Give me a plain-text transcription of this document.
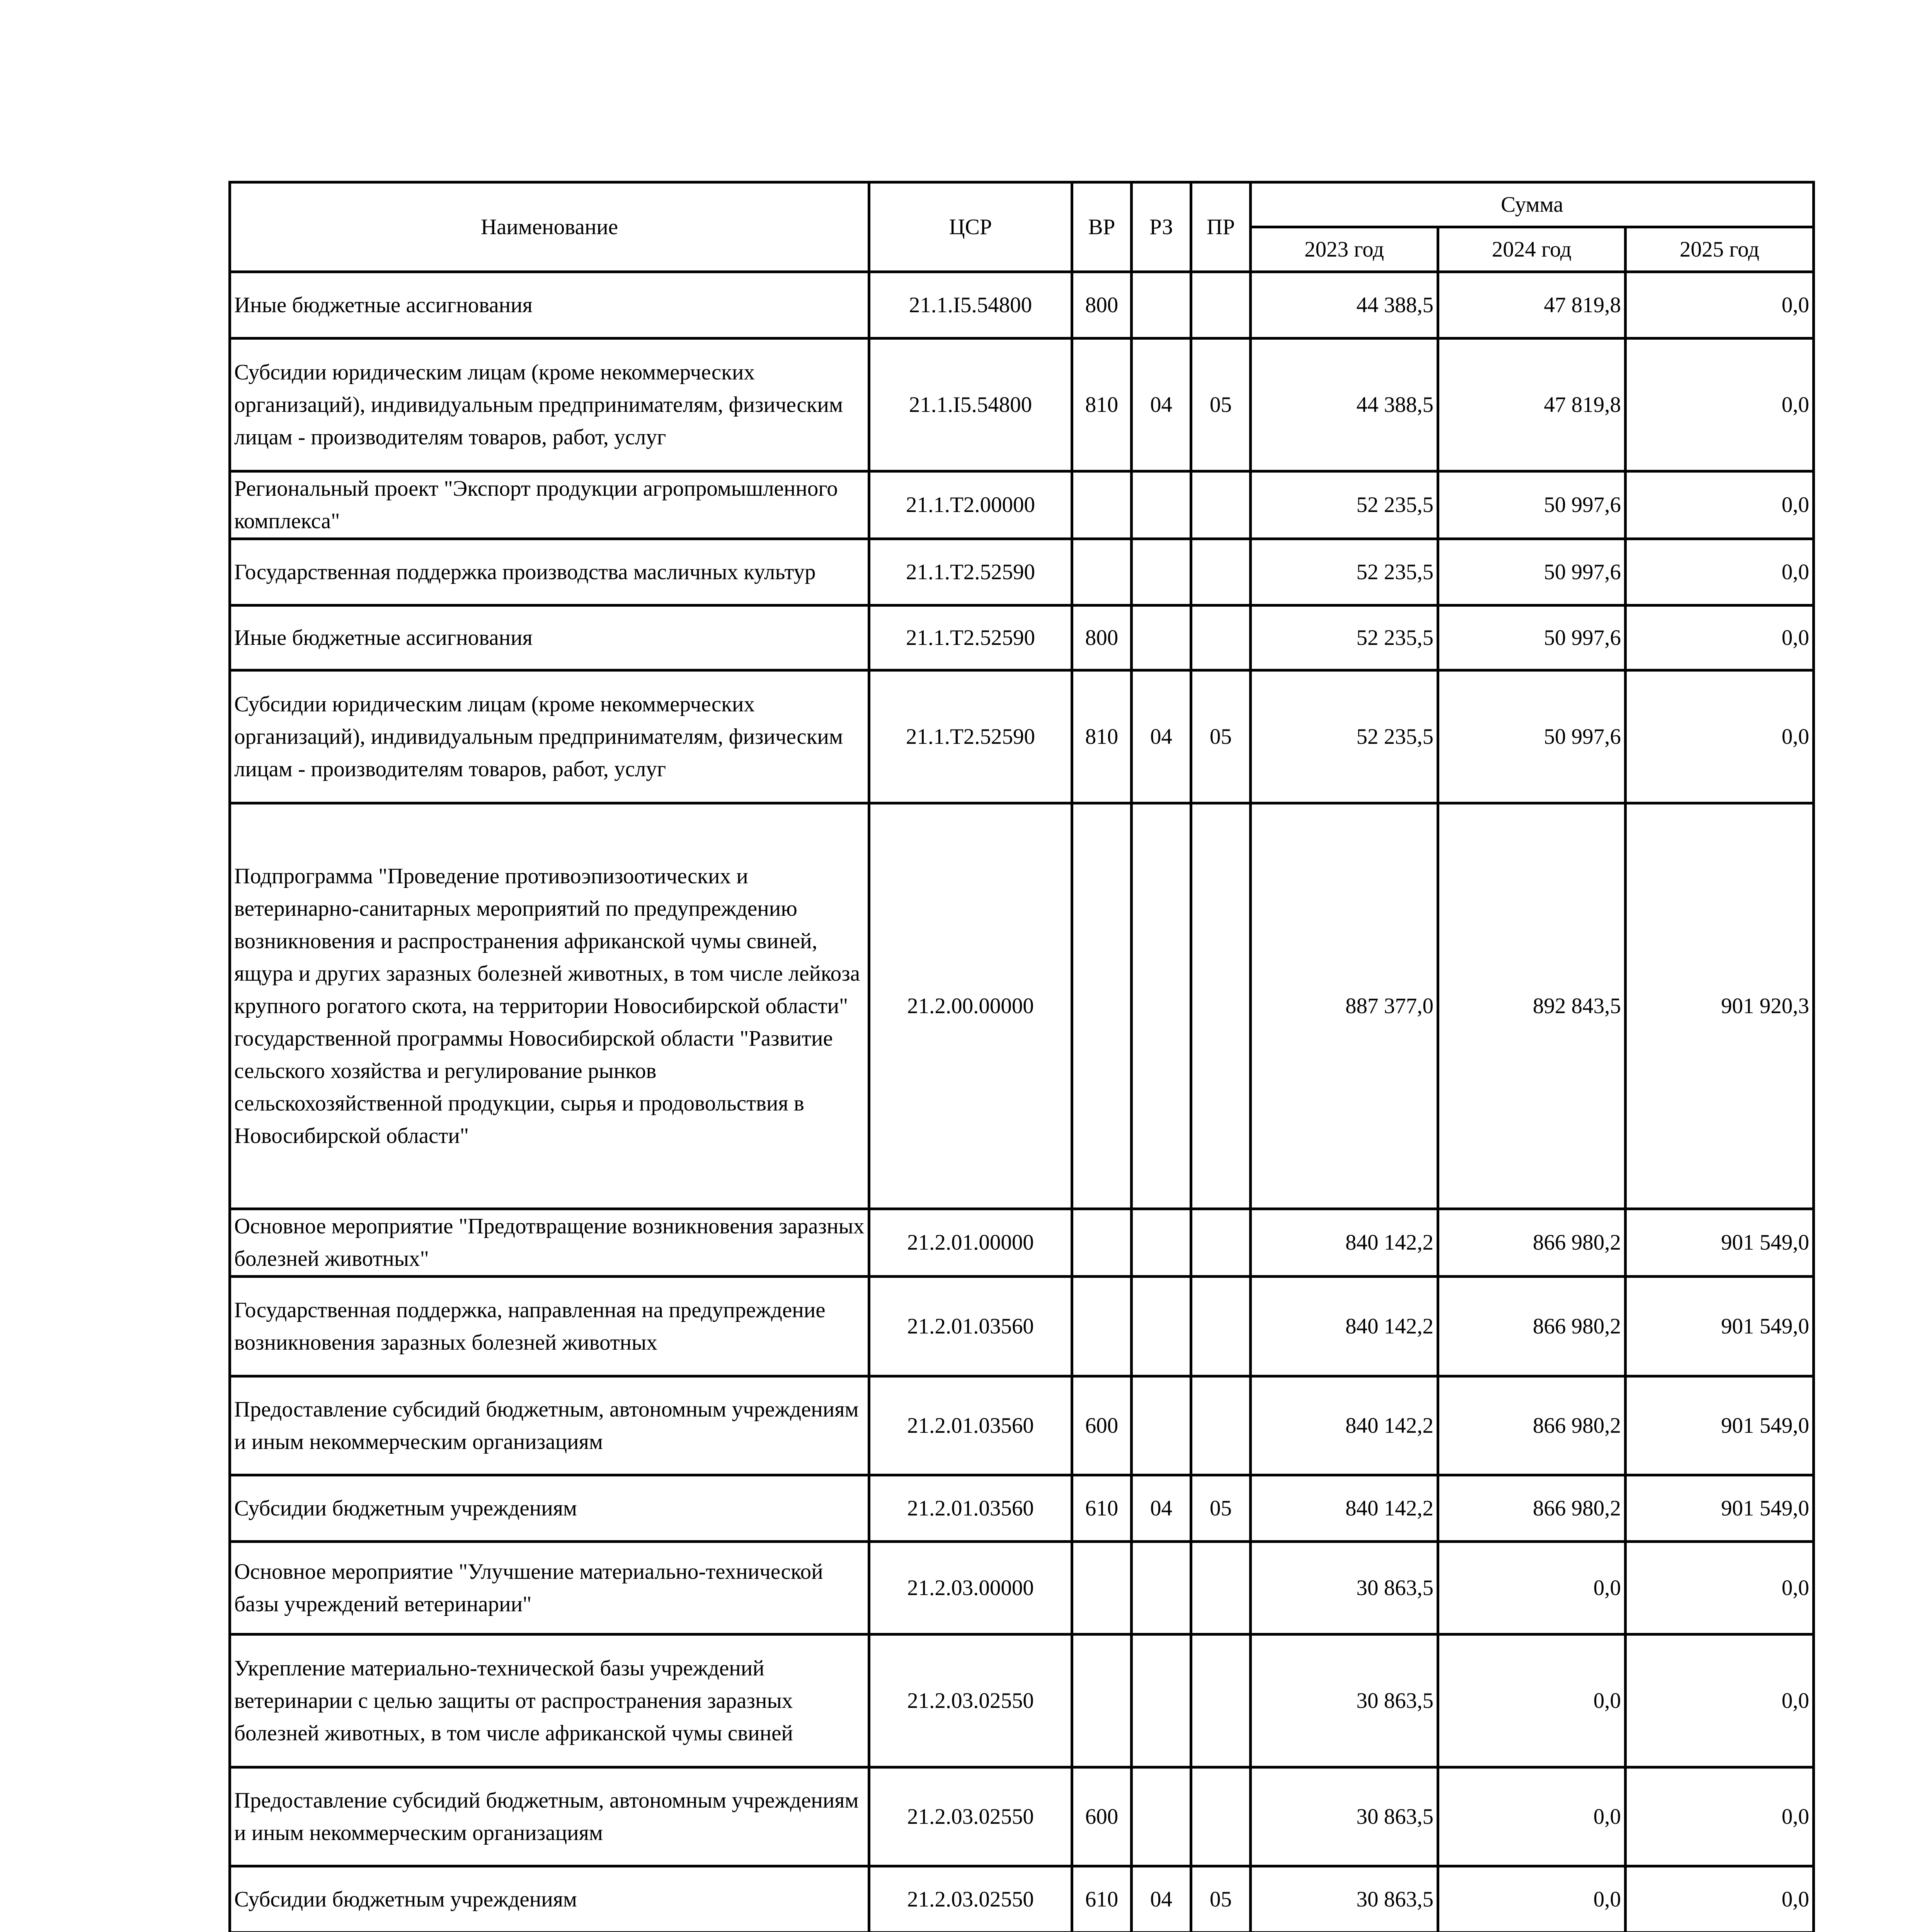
Наименование	ЦСР	ВР	РЗ	ПР	Сумма		
					2023 год	2024 год	2025 год
Иные бюджетные ассигнования	21.1.I5.54800	800			44 388,5	47 819,8	0,0
Субсидии юридическим лицам (кроме некоммерческих организаций), индивидуальным предпринимателям, физическим лицам - производителям товаров, работ, услуг	21.1.I5.54800	810	04	05	44 388,5	47 819,8	0,0
Региональный проект "Экспорт продукции агропромышленного комплекса"	21.1.T2.00000				52 235,5	50 997,6	0,0
Государственная поддержка производства масличных культур	21.1.T2.52590				52 235,5	50 997,6	0,0
Иные бюджетные ассигнования	21.1.T2.52590	800			52 235,5	50 997,6	0,0
Субсидии юридическим лицам (кроме некоммерческих организаций), индивидуальным предпринимателям, физическим лицам - производителям товаров, работ, услуг	21.1.T2.52590	810	04	05	52 235,5	50 997,6	0,0
Подпрограмма "Проведение противоэпизоотических и ветеринарно-санитарных мероприятий по предупреждению возникновения и распространения африканской чумы свиней, ящура и других заразных болезней животных, в том числе лейкоза крупного рогатого скота, на территории Новосибирской области" государственной программы Новосибирской области "Развитие сельского хозяйства и регулирование рынков сельскохозяйственной продукции, сырья и продовольствия в Новосибирской области"	21.2.00.00000				887 377,0	892 843,5	901 920,3
Основное мероприятие "Предотвращение возникновения заразных болезней животных"	21.2.01.00000				840 142,2	866 980,2	901 549,0
Государственная поддержка, направленная на предупреждение возникновения заразных болезней животных	21.2.01.03560				840 142,2	866 980,2	901 549,0
Предоставление субсидий бюджетным, автономным учреждениям и иным некоммерческим организациям	21.2.01.03560	600			840 142,2	866 980,2	901 549,0
Субсидии бюджетным учреждениям	21.2.01.03560	610	04	05	840 142,2	866 980,2	901 549,0
Основное мероприятие "Улучшение материально-технической базы учреждений ветеринарии"	21.2.03.00000				30 863,5	0,0	0,0
Укрепление материально-технической базы учреждений ветеринарии с целью защиты от распространения заразных болезней животных, в том числе африканской чумы свиней	21.2.03.02550				30 863,5	0,0	0,0
Предоставление субсидий бюджетным, автономным учреждениям и иным некоммерческим организациям	21.2.03.02550	600			30 863,5	0,0	0,0
Субсидии бюджетным учреждениям	21.2.03.02550	610	04	05	30 863,5	0,0	0,0
